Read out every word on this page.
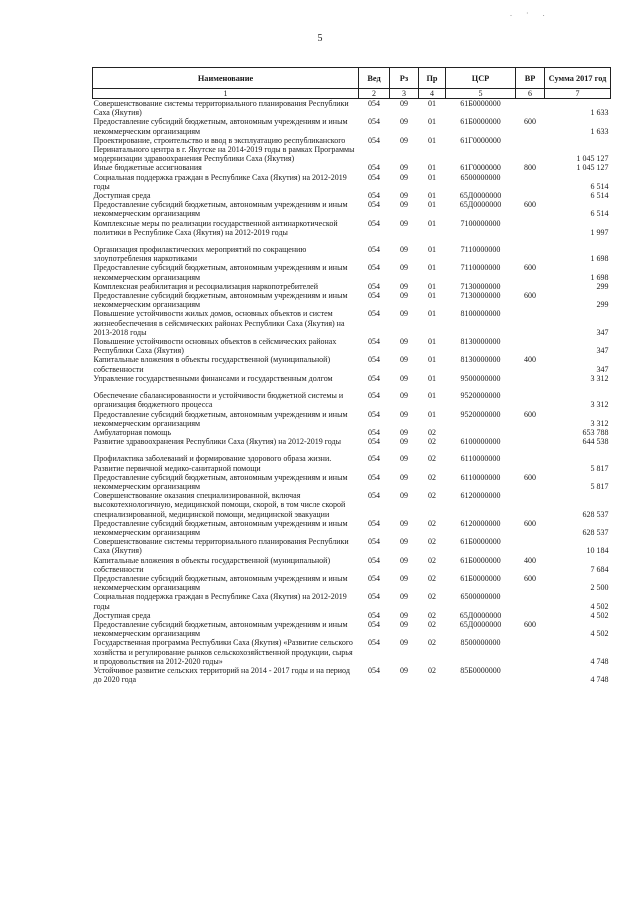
. · .
5
Наименование	Вед	Рз	Пр	ЦСР	ВР	Сумма 2017 год
1	2	3	4	5	6	7
Совершенствование системы территориального планирования Республики Саха (Якутия)	054	09	01	61Б0000000		1 633
Предоставление субсидий бюджетным, автономным учреждениям и иным некоммерческим организациям	054	09	01	61Б0000000	600	1 633
Проектирование, строительство и ввод в эксплуатацию республиканского Перинатального центра в г. Якутске на 2014-2019 годы в рамках Программы модернизации здравоохранения Республики Саха (Якутия)	054	09	01	61Г0000000		1 045 127
Иные бюджетные ассигнования	054	09	01	61Г0000000	800	1 045 127
Социальная поддержка граждан в Республике Саха (Якутия) на 2012-2019 годы	054	09	01	6500000000		6 514
Доступная среда	054	09	01	65Д0000000		6 514
Предоставление субсидий бюджетным, автономным учреждениям и иным некоммерческим организациям	054	09	01	65Д0000000	600	6 514
Комплексные меры по реализации государственной антинаркотической политики в Республике Саха (Якутия) на 2012-2019 годы	054	09	01	7100000000		1 997
Организация профилактических мероприятий по сокращению злоупотребления наркотиками	054	09	01	7110000000		1 698
Предоставление субсидий бюджетным, автономным учреждениям и иным некоммерческим организациям	054	09	01	7110000000	600	1 698
Комплексная реабилитация и ресоциализация наркопотребителей	054	09	01	7130000000		299
Предоставление субсидий бюджетным, автономным учреждениям и иным некоммерческим организациям	054	09	01	7130000000	600	299
Повышение устойчивости жилых домов, основных объектов и систем жизнеобеспечения в сейсмических районах Республики Саха (Якутия) на 2013-2018 годы	054	09	01	8100000000		347
Повышение устойчивости основных объектов в сейсмических районах Республики Саха (Якутия)	054	09	01	8130000000		347
Капитальные вложения в объекты государственной (муниципальной) собственности	054	09	01	8130000000	400	347
Управление государственными финансами и государственным долгом	054	09	01	9500000000		3 312
Обеспечение сбалансированности и устойчивости бюджетной системы и организация бюджетного процесса	054	09	01	9520000000		3 312
Предоставление субсидий бюджетным, автономным учреждениям и иным некоммерческим организациям	054	09	01	9520000000	600	3 312
Амбулаторная помощь	054	09	02			653 788
Развитие здравоохранения Республики Саха (Якутия) на 2012-2019 годы	054	09	02	6100000000		644 538
Профилактика заболеваний и формирование здорового образа жизни. Развитие первичной медико-санитарной помощи	054	09	02	6110000000		5 817
Предоставление субсидий бюджетным, автономным учреждениям и иным некоммерческим организациям	054	09	02	6110000000	600	5 817
Совершенствование оказания специализированной, включая высокотехнологичную, медицинской помощи, скорой, в том числе скорой специализированной, медицинской помощи, медицинской эвакуации	054	09	02	6120000000		628 537
Предоставление субсидий бюджетным, автономным учреждениям и иным некоммерческим организациям	054	09	02	6120000000	600	628 537
Совершенствование системы территориального планирования Республики Саха (Якутия)	054	09	02	61Б0000000		10 184
Капитальные вложения в объекты государственной (муниципальной) собственности	054	09	02	61Б0000000	400	7 684
Предоставление субсидий бюджетным, автономным учреждениям и иным некоммерческим организациям	054	09	02	61Б0000000	600	2 500
Социальная поддержка граждан в Республике Саха (Якутия) на 2012-2019 годы	054	09	02	6500000000		4 502
Доступная среда	054	09	02	65Д0000000		4 502
Предоставление субсидий бюджетным, автономным учреждениям и иным некоммерческим организациям	054	09	02	65Д0000000	600	4 502
Государственная программа Республики Саха (Якутия) «Развитие сельского хозяйства и регулирование рынков сельскохозяйственной продукции, сырья и продовольствия на 2012-2020 годы»	054	09	02	8500000000		4 748
Устойчивое развитие сельских территорий на 2014 - 2017 годы и на период до 2020 года	054	09	02	85Б0000000		4 748
